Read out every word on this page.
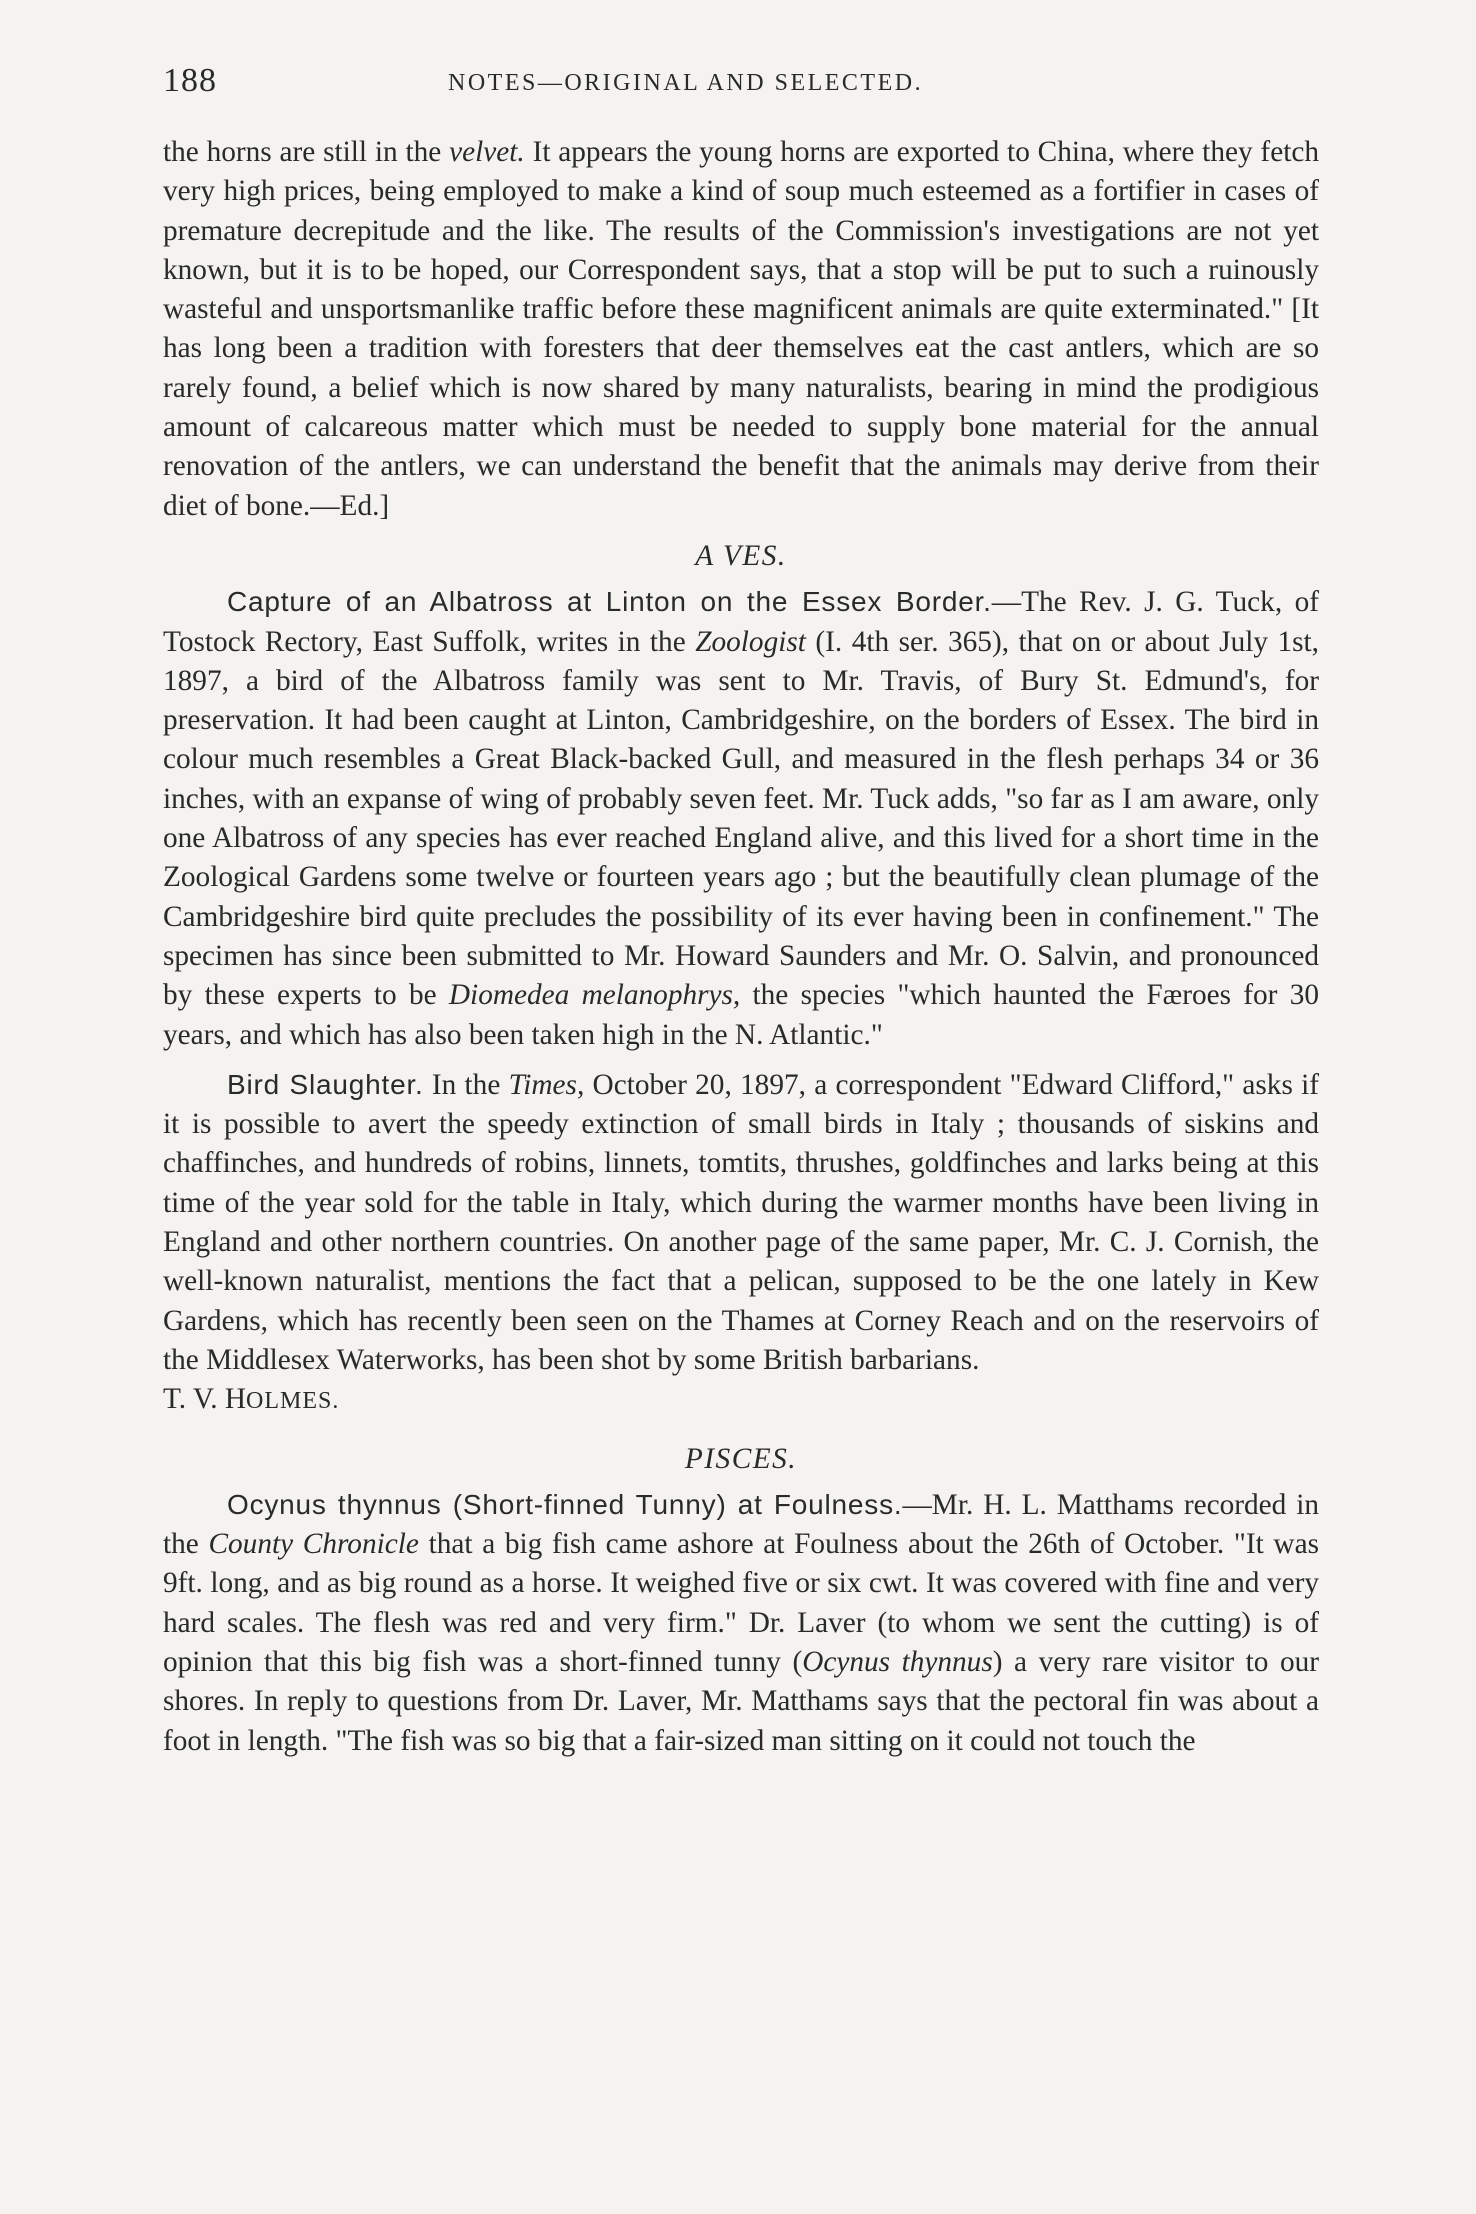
188	NOTES—ORIGINAL AND SELECTED.

the horns are still in the velvet. It appears the young horns are exported to China, where they fetch very high prices, being employed to make a kind of soup much esteemed as a fortifier in cases of premature decrepitude and the like. The results of the Commission's investigations are not yet known, but it is to be hoped, our Correspondent says, that a stop will be put to such a ruinously wasteful and unsportsmanlike traffic before these magnificent animals are quite exterminated." [It has long been a tradition with foresters that deer themselves eat the cast antlers, which are so rarely found, a belief which is now shared by many naturalists, bearing in mind the prodigious amount of calcareous matter which must be needed to supply bone material for the annual renovation of the antlers, we can understand the benefit that the animals may derive from their diet of bone.—Ed.]

A VES.

Capture of an Albatross at Linton on the Essex Border.—The Rev. J. G. Tuck, of Tostock Rectory, East Suffolk, writes in the Zoologist (I. 4th ser. 365), that on or about July 1st, 1897, a bird of the Albatross family was sent to Mr. Travis, of Bury St. Edmund's, for preservation. It had been caught at Linton, Cambridgeshire, on the borders of Essex. The bird in colour much resembles a Great Black-backed Gull, and measured in the flesh perhaps 34 or 36 inches, with an expanse of wing of probably seven feet. Mr. Tuck adds, "so far as I am aware, only one Albatross of any species has ever reached England alive, and this lived for a short time in the Zoological Gardens some twelve or fourteen years ago ; but the beautifully clean plumage of the Cambridgeshire bird quite precludes the possibility of its ever having been in confinement." The specimen has since been submitted to Mr. Howard Saunders and Mr. O. Salvin, and pronounced by these experts to be Diomedea melanophrys, the species "which haunted the Færoes for 30 years, and which has also been taken high in the N. Atlantic."

Bird Slaughter. In the Times, October 20, 1897, a correspondent "Edward Clifford," asks if it is possible to avert the speedy extinction of small birds in Italy ; thousands of siskins and chaffinches, and hundreds of robins, linnets, tomtits, thrushes, goldfinches and larks being at this time of the year sold for the table in Italy, which during the warmer months have been living in England and other northern countries. On another page of the same paper, Mr. C. J. Cornish, the well-known naturalist, mentions the fact that a pelican, supposed to be the one lately in Kew Gardens, which has recently been seen on the Thames at Corney Reach and on the reservoirs of the Middlesex Waterworks, has been shot by some British barbarians.
T. V. HOLMES.

PISCES.

Ocynus thynnus (Short-finned Tunny) at Foulness.—Mr. H. L. Matthams recorded in the County Chronicle that a big fish came ashore at Foulness about the 26th of October. "It was 9ft. long, and as big round as a horse. It weighed five or six cwt. It was covered with fine and very hard scales. The flesh was red and very firm." Dr. Laver (to whom we sent the cutting) is of opinion that this big fish was a short-finned tunny (Ocynus thynnus) a very rare visitor to our shores. In reply to questions from Dr. Laver, Mr. Matthams says that the pectoral fin was about a foot in length. "The fish was so big that a fair-sized man sitting on it could not touch the
